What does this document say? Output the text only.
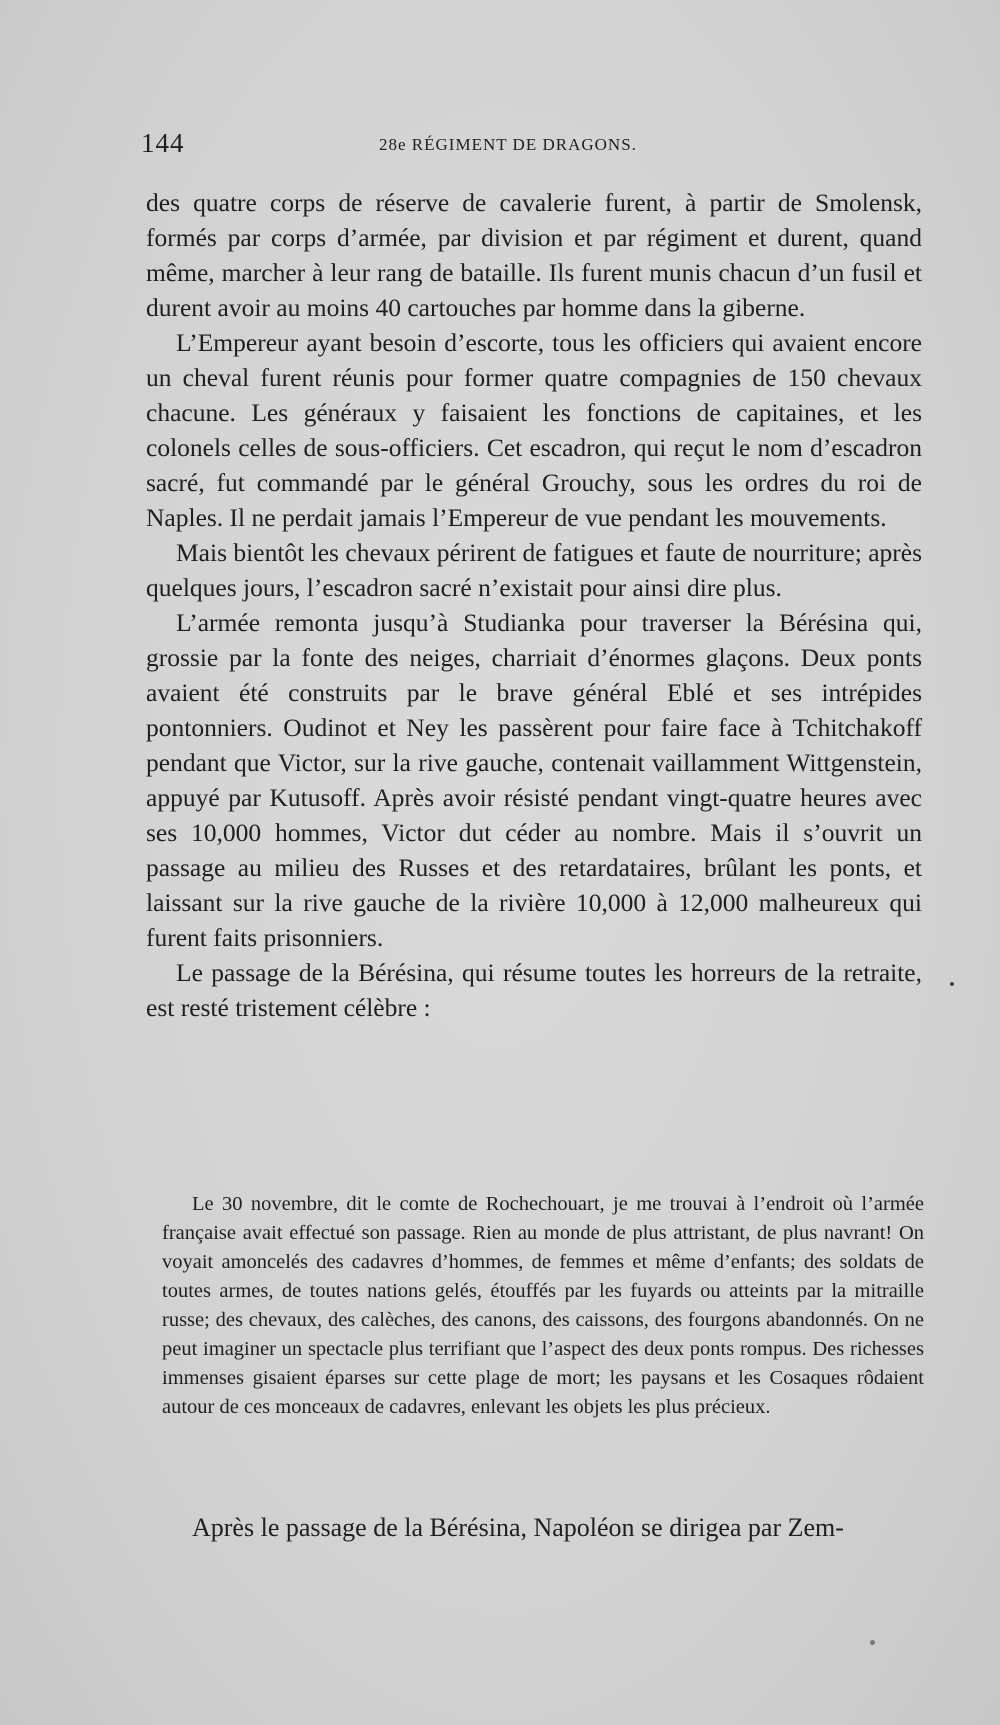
144	28e RÉGIMENT DE DRAGONS.

des quatre corps de réserve de cavalerie furent, à partir de Smolensk, formés par corps d’armée, par division et par régiment et durent, quand même, marcher à leur rang de bataille. Ils furent munis chacun d’un fusil et durent avoir au moins 40 cartouches par homme dans la giberne.

L’Empereur ayant besoin d’escorte, tous les officiers qui avaient encore un cheval furent réunis pour former quatre compagnies de 150 chevaux chacune. Les généraux y faisaient les fonctions de capitaines, et les colonels celles de sous-officiers. Cet escadron, qui reçut le nom d’escadron sacré, fut commandé par le général Grouchy, sous les ordres du roi de Naples. Il ne perdait jamais l’Empereur de vue pendant les mouvements.

Mais bientôt les chevaux périrent de fatigues et faute de nourriture; après quelques jours, l’escadron sacré n’existait pour ainsi dire plus.

L’armée remonta jusqu’à Studianka pour traverser la Bérésina qui, grossie par la fonte des neiges, charriait d’énormes glaçons. Deux ponts avaient été construits par le brave général Eblé et ses intrépides pontonniers. Oudinot et Ney les passèrent pour faire face à Tchitchakoff pendant que Victor, sur la rive gauche, contenait vaillamment Wittgenstein, appuyé par Kutusoff. Après avoir résisté pendant vingt-quatre heures avec ses 10,000 hommes, Victor dut céder au nombre. Mais il s’ouvrit un passage au milieu des Russes et des retardataires, brûlant les ponts, et laissant sur la rive gauche de la rivière 10,000 à 12,000 malheureux qui furent faits prisonniers.

Le passage de la Bérésina, qui résume toutes les horreurs de la retraite, est resté tristement célèbre :

Le 30 novembre, dit le comte de Rochechouart, je me trouvai à l’endroit où l’armée française avait effectué son passage. Rien au monde de plus attristant, de plus navrant! On voyait amoncelés des cadavres d’hommes, de femmes et même d’enfants; des soldats de toutes armes, de toutes nations gelés, étouffés par les fuyards ou atteints par la mitraille russe; des chevaux, des calèches, des canons, des caissons, des fourgons abandonnés. On ne peut imaginer un spectacle plus terrifiant que l’aspect des deux ponts rompus. Des richesses immenses gisaient éparses sur cette plage de mort; les paysans et les Cosaques rôdaient autour de ces monceaux de cadavres, enlevant les objets les plus précieux.

Après le passage de la Bérésina, Napoléon se dirigea par Zem-
